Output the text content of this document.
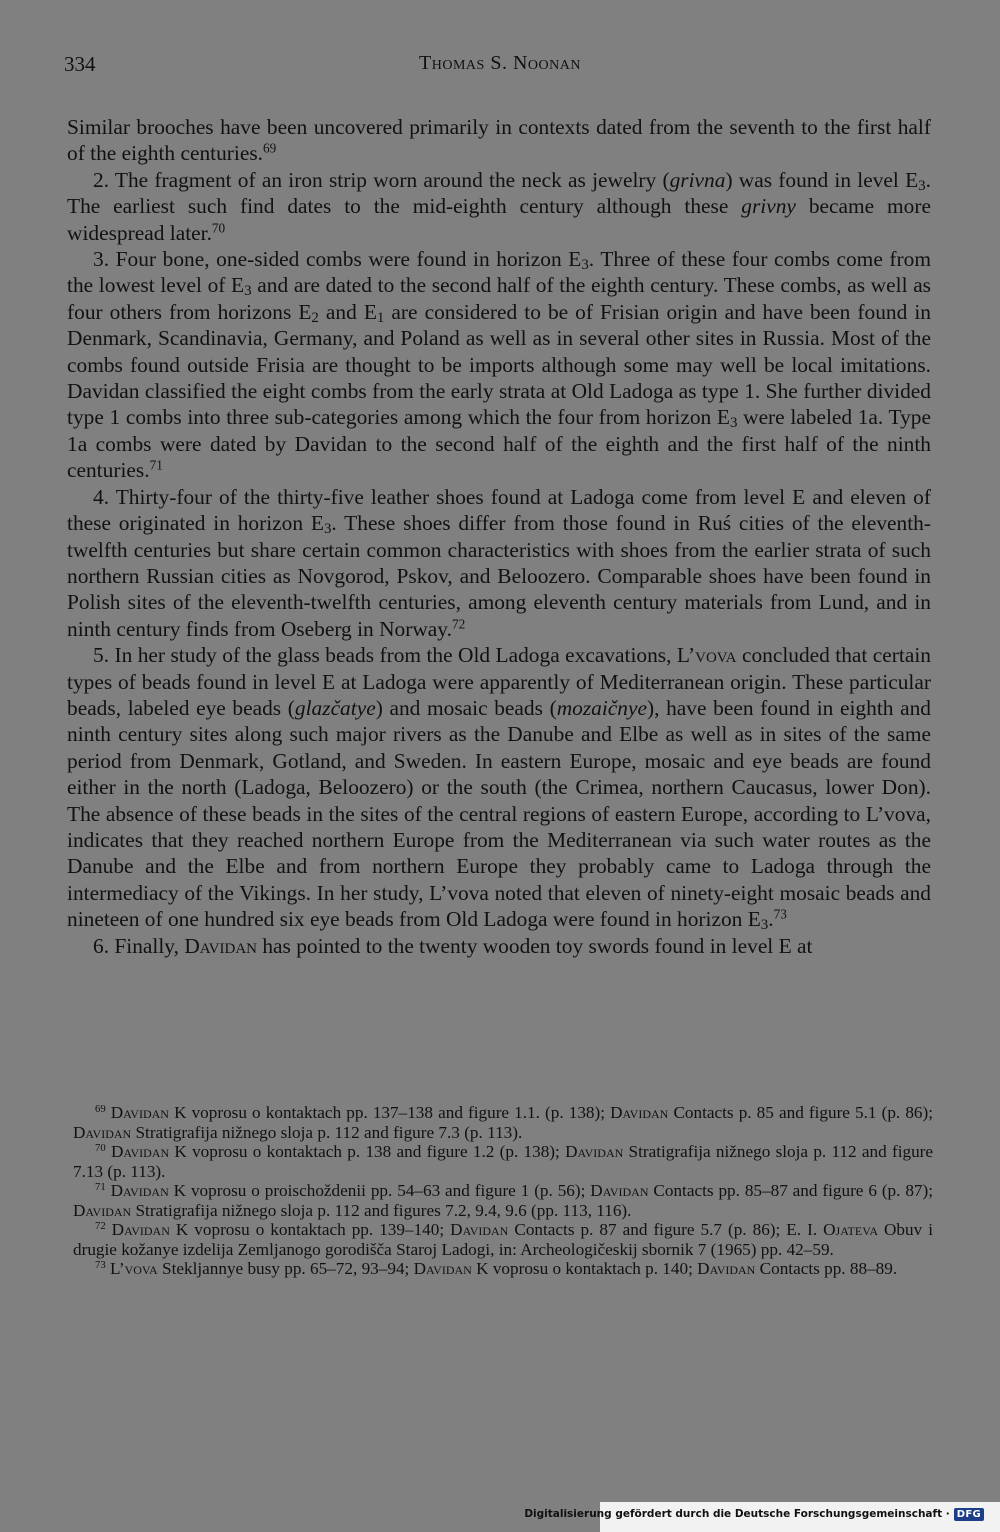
334	Thomas S. Noonan

Similar brooches have been uncovered primarily in contexts dated from the seventh to the first half of the eighth centuries.$^{69}$

2. The fragment of an iron strip worn around the neck as jewelry (grivna) was found in level $E_3$. The earliest such find dates to the mid-eighth century although these grivny became more widespread later.$^{70}$

3. Four bone, one-sided combs were found in horizon $E_3$. Three of these four combs come from the lowest level of $E_3$ and are dated to the second half of the eighth century. These combs, as well as four others from horizons $E_2$ and $E_1$ are considered to be of Frisian origin and have been found in Denmark, Scandinavia, Germany, and Poland as well as in several other sites in Russia. Most of the combs found outside Frisia are thought to be imports although some may well be local imitations. Davidan classified the eight combs from the early strata at Old Ladoga as type 1. She further divided type 1 combs into three sub-categories among which the four from horizon $E_3$ were labeled 1a. Type 1a combs were dated by Davidan to the second half of the eighth and the first half of the ninth centuries.$^{71}$

4. Thirty-four of the thirty-five leather shoes found at Ladoga come from level E and eleven of these originated in horizon $E_3$. These shoes differ from those found in Ruś cities of the eleventh-twelfth centuries but share certain common characteristics with shoes from the earlier strata of such northern Russian cities as Novgorod, Pskov, and Beloozero. Comparable shoes have been found in Polish sites of the eleventh-twelfth centuries, among eleventh century materials from Lund, and in ninth century finds from Oseberg in Norway.$^{72}$

5. In her study of the glass beads from the Old Ladoga excavations, L’vova concluded that certain types of beads found in level E at Ladoga were apparently of Mediterranean origin. These particular beads, labeled eye beads (glazčatye) and mosaic beads (mozaičnye), have been found in eighth and ninth century sites along such major rivers as the Danube and Elbe as well as in sites of the same period from Denmark, Gotland, and Sweden. In eastern Europe, mosaic and eye beads are found either in the north (Ladoga, Beloozero) or the south (the Crimea, northern Caucasus, lower Don). The absence of these beads in the sites of the central regions of eastern Europe, according to L’vova, indicates that they reached northern Europe from the Mediterranean via such water routes as the Danube and the Elbe and from northern Europe they probably came to Ladoga through the intermediacy of the Vikings. In her study, L’vova noted that eleven of ninety-eight mosaic beads and nineteen of one hundred six eye beads from Old Ladoga were found in horizon $E_3.^{73}$

6. Finally, Davidan has pointed to the twenty wooden toy swords found in level E at

$^{69}$ Davidan K voprosu o kontaktach pp. 137–138 and figure 1.1. (p. 138); Davidan Contacts p. 85 and figure 5.1 (p. 86); Davidan Stratigrafija nižnego sloja p. 112 and figure 7.3 (p. 113).

$^{70}$ Davidan K voprosu o kontaktach p. 138 and figure 1.2 (p. 138); Davidan Stratigrafija nižnego sloja p. 112 and figure 7.13 (p. 113).

$^{71}$ Davidan K voprosu o proischoždenii pp. 54–63 and figure 1 (p. 56); Davidan Contacts pp. 85–87 and figure 6 (p. 87); Davidan Stratigrafija nižnego sloja p. 112 and figures 7.2, 9.4, 9.6 (pp. 113, 116).

$^{72}$ Davidan K voprosu o kontaktach pp. 139–140; Davidan Contacts p. 87 and figure 5.7 (p. 86); E. I. Ojateva Obuv i drugie kožanye izdelija Zemljanogo gorodišča Staroj Ladogi, in: Archeologičeskij sbornik 7 (1965) pp. 42–59.

$^{73}$ L’vova Stekljannye busy pp. 65–72, 93–94; Davidan K voprosu o kontaktach p. 140; Davidan Contacts pp. 88–89.

Digitalisierung gefördert durch die Deutsche Forschungsgemeinschaft · DFG
